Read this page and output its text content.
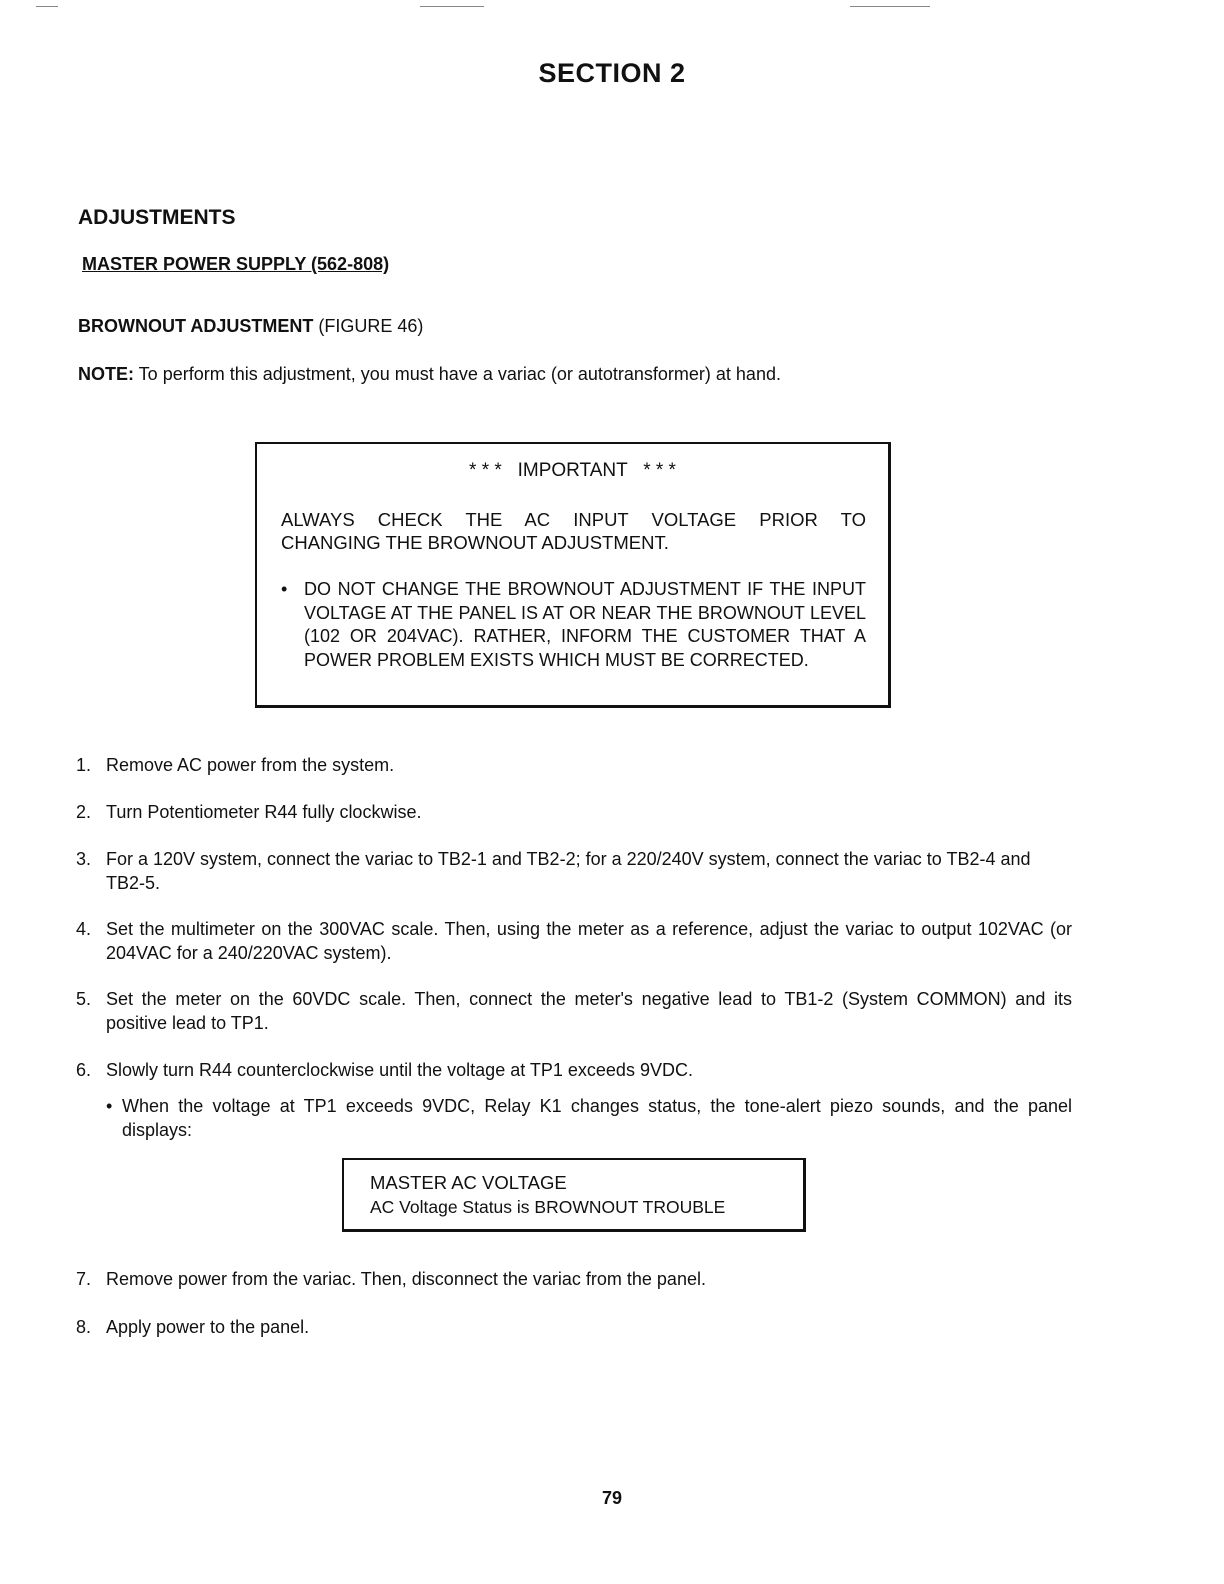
SECTION 2
ADJUSTMENTS
MASTER POWER SUPPLY (562-808)
BROWNOUT ADJUSTMENT (FIGURE 46)
NOTE: To perform this adjustment, you must have a variac (or autotransformer) at hand.
* * *   IMPORTANT   * * *
ALWAYS CHECK THE AC INPUT VOLTAGE PRIOR TO
CHANGING THE BROWNOUT ADJUSTMENT.
• DO NOT CHANGE THE BROWNOUT ADJUSTMENT IF THE INPUT VOLTAGE AT THE PANEL IS AT OR NEAR THE BROWNOUT LEVEL (102 OR 204VAC). RATHER, INFORM THE CUSTOMER THAT A POWER PROBLEM EXISTS WHICH MUST BE CORRECTED.
1. Remove AC power from the system.
2. Turn Potentiometer R44 fully clockwise.
3. For a 120V system, connect the variac to TB2-1 and TB2-2; for a 220/240V system, connect the variac to TB2-4 and TB2-5.
4. Set the multimeter on the 300VAC scale. Then, using the meter as a reference, adjust the variac to output 102VAC (or 204VAC for a 240/220VAC system).
5. Set the meter on the 60VDC scale. Then, connect the meter's negative lead to TB1-2 (System COMMON) and its positive lead to TP1.
6. Slowly turn R44 counterclockwise until the voltage at TP1 exceeds 9VDC.
• When the voltage at TP1 exceeds 9VDC, Relay K1 changes status, the tone-alert piezo sounds, and the panel displays:
7. Remove power from the variac. Then, disconnect the variac from the panel.
8. Apply power to the panel.
MASTER AC VOLTAGE
AC Voltage Status is BROWNOUT TROUBLE
79
